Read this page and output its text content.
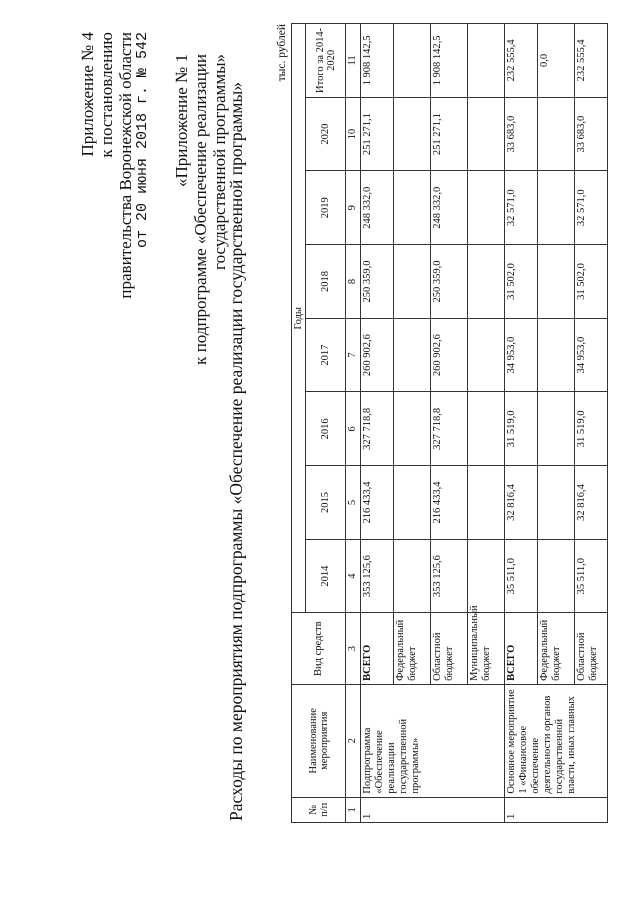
Приложение № 4 к постановлению правительства Воронежской области от 20 июня 2018 г. № 542 «Приложение № 1 к подпрограмме «Обеспечение реализации государственной программы»
Расходы по мероприятиям подпрограммы «Обеспечение реализации государственной программы»
тыс. рублей
№ п/п	Наименование мероприятия	Вид средств	Годы							
			2014	2015	2016	2017	2018	2019	2020	Итого за 2014-2020
1	2	3	4	5	6	7	8	9	10	11
1	Подпрограмма «Обеспечение реализации государственной программы»	ВСЕГО	353 125,6	216 433,4	327 718,8	260 902,6	250 359,0	248 332,0	251 271,1	1 908 142,5
		Федеральный бюджет								
		Областной бюджет	353 125,6	216 433,4	327 718,8	260 902,6	250 359,0	248 332,0	251 271,1	1 908 142,5
		Муниципальный бюджет								
1	Основное мероприятие 1 «Финансовое обеспечение деятельности органов государственной власти, иных главных	ВСЕГО	35 511,0	32 816,4	31 519,0	34 953,0	31 502,0	32 571,0	33 683,0	232 555,4
		Федеральный бюджет								0,0
		Областной бюджет	35 511,0	32 816,4	31 519,0	34 953,0	31 502,0	32 571,0	33 683,0	232 555,4
